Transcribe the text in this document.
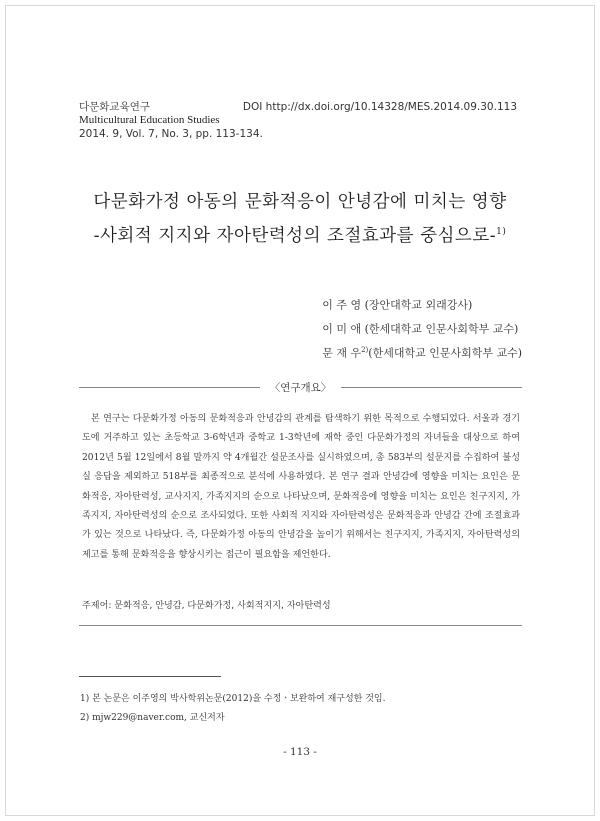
다문화교육연구
Multicultural Education Studies
2014. 9, Vol. 7, No. 3, pp. 113-134.
DOI http://dx.doi.org/10.14328/MES.2014.09.30.113
다문화가정 아동의 문화적응이 안녕감에 미치는 영향
-사회적 지지와 자아탄력성의 조절효과를 중심으로-$^{1)}$
이 주 영 (장안대학교 외래강사)
이 미 애 (한세대학교 인문사회학부 교수)
문 재 우$^{2)}$(한세대학교 인문사회학부 교수)
〈연구개요〉
본 연구는 다문화가정 아동의 문화적응과 안녕감의 관계를 탐색하기 위한 목적으로 수행되었다. 서울과 경기도에 거주하고 있는 초등학교 3-6학년과 중학교 1-3학년에 재학 중인 다문화가정의 자녀들을 대상으로 하여 2012년 5월 12일에서 8월 말까지 약 4개월간 설문조사를 실시하였으며, 총 583부의 설문지를 수집하여 불성실 응답을 제외하고 518부를 최종적으로 분석에 사용하였다. 본 연구 결과 안녕감에 영향을 미치는 요인은 문화적응, 자아탄력성, 교사지지, 가족지지의 순으로 나타났으며, 문화적응에 영향을 미치는 요인은 친구지지, 가족지지, 자아탄력성의 순으로 조사되었다. 또한 사회적 지지와 자아탄력성은 문화적응과 안녕감 간에 조절효과가 있는 것으로 나타났다. 즉, 다문화가정 아동의 안녕감을 높이기 위해서는 친구지지, 가족지지, 자아탄력성의 제고를 통해 문화적응을 향상시키는 접근이 필요함을 제언한다.
주제어: 문화적응, 안녕감, 다문화가정, 사회적지지, 자아탄력성
1) 본 논문은 이주영의 박사학위논문(2012)을 수정ㆍ보완하여 재구성한 것임.
2) mjw229@naver.com, 교신저자
- 113 -
